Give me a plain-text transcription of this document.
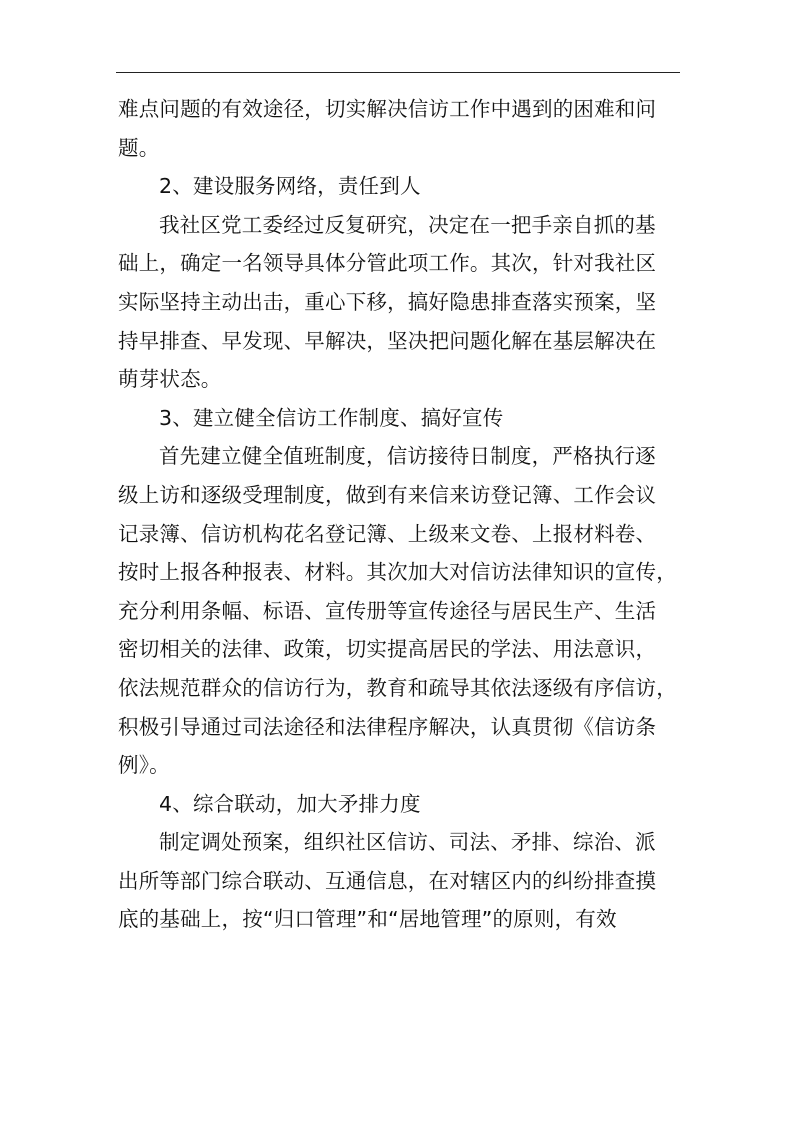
难点问题的有效途径，切实解决信访工作中遇到的困难和问
题。
2、建设服务网络，责任到人
我社区党工委经过反复研究，决定在一把手亲自抓的基
础上，确定一名领导具体分管此项工作。其次，针对我社区
实际坚持主动出击，重心下移，搞好隐患排查落实预案，坚
持早排查、早发现、早解决，坚决把问题化解在基层解决在
萌芽状态。
3、建立健全信访工作制度、搞好宣传
首先建立健全值班制度，信访接待日制度，严格执行逐
级上访和逐级受理制度，做到有来信来访登记簿、工作会议
记录簿、信访机构花名登记簿、上级来文卷、上报材料卷、
按时上报各种报表、材料。其次加大对信访法律知识的宣传，
充分利用条幅、标语、宣传册等宣传途径与居民生产、生活
密切相关的法律、政策，切实提高居民的学法、用法意识，
依法规范群众的信访行为，教育和疏导其依法逐级有序信访，
积极引导通过司法途径和法律程序解决，认真贯彻《信访条
例》。
4、综合联动，加大矛排力度
制定调处预案，组织社区信访、司法、矛排、综治、派
出所等部门综合联动、互通信息，在对辖区内的纠纷排查摸
底的基础上，按“归口管理”和“居地管理”的原则，有效
